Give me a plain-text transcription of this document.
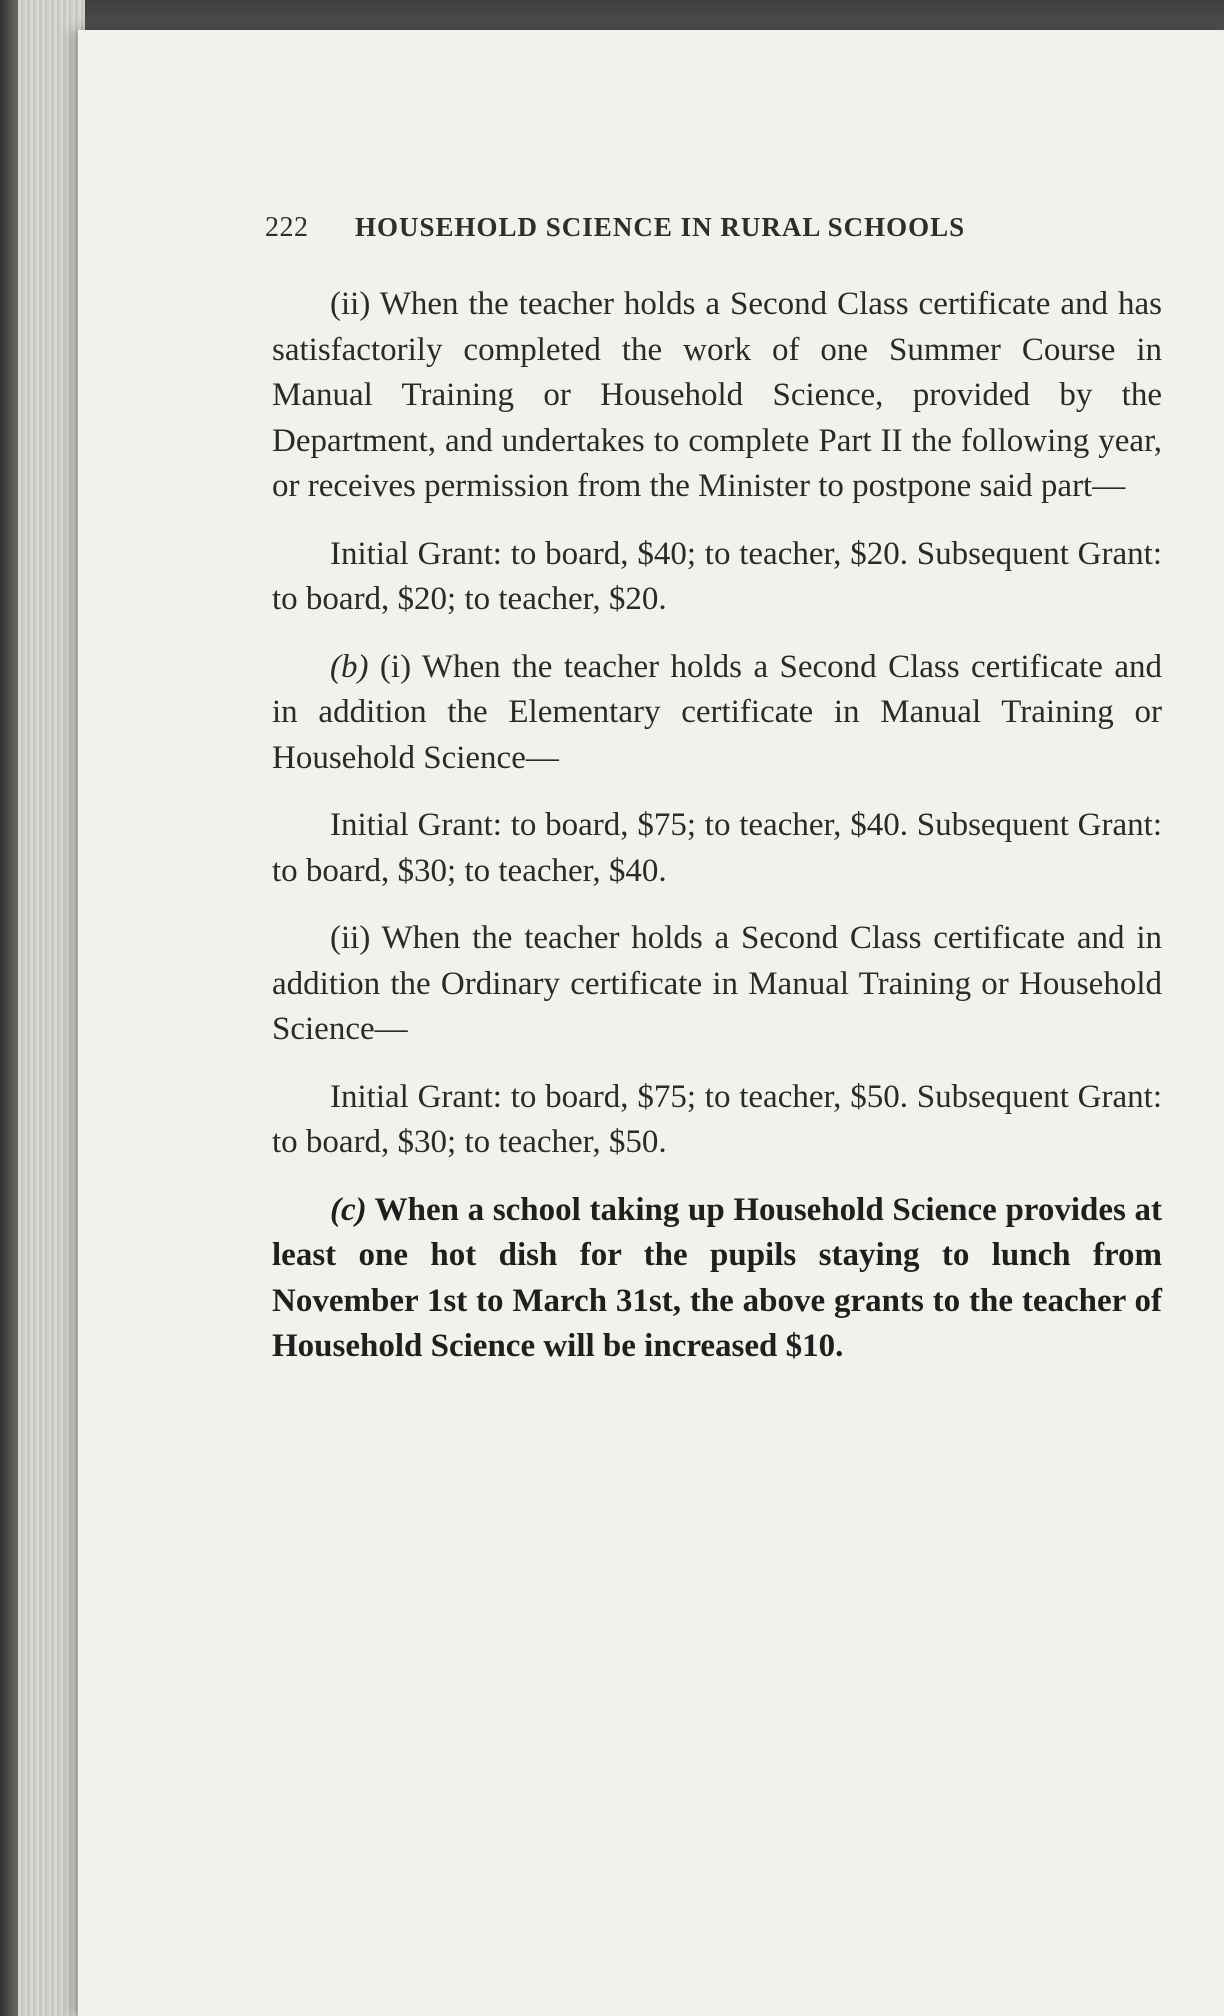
222 HOUSEHOLD SCIENCE IN RURAL SCHOOLS

(ii) When the teacher holds a Second Class certificate and has satisfactorily completed the work of one Summer Course in Manual Training or Household Science, provided by the Department, and undertakes to complete Part II the following year, or receives permission from the Minister to postpone said part—

Initial Grant: to board, $40; to teacher, $20. Subsequent Grant: to board, $20; to teacher, $20.

(b) (i) When the teacher holds a Second Class certificate and in addition the Elementary certificate in Manual Training or Household Science—

Initial Grant: to board, $75; to teacher, $40. Subsequent Grant: to board, $30; to teacher, $40.

(ii) When the teacher holds a Second Class certificate and in addition the Ordinary certificate in Manual Training or Household Science—

Initial Grant: to board, $75; to teacher, $50. Subsequent Grant: to board, $30; to teacher, $50.

(c) When a school taking up Household Science provides at least one hot dish for the pupils staying to lunch from November 1st to March 31st, the above grants to the teacher of Household Science will be increased $10.
